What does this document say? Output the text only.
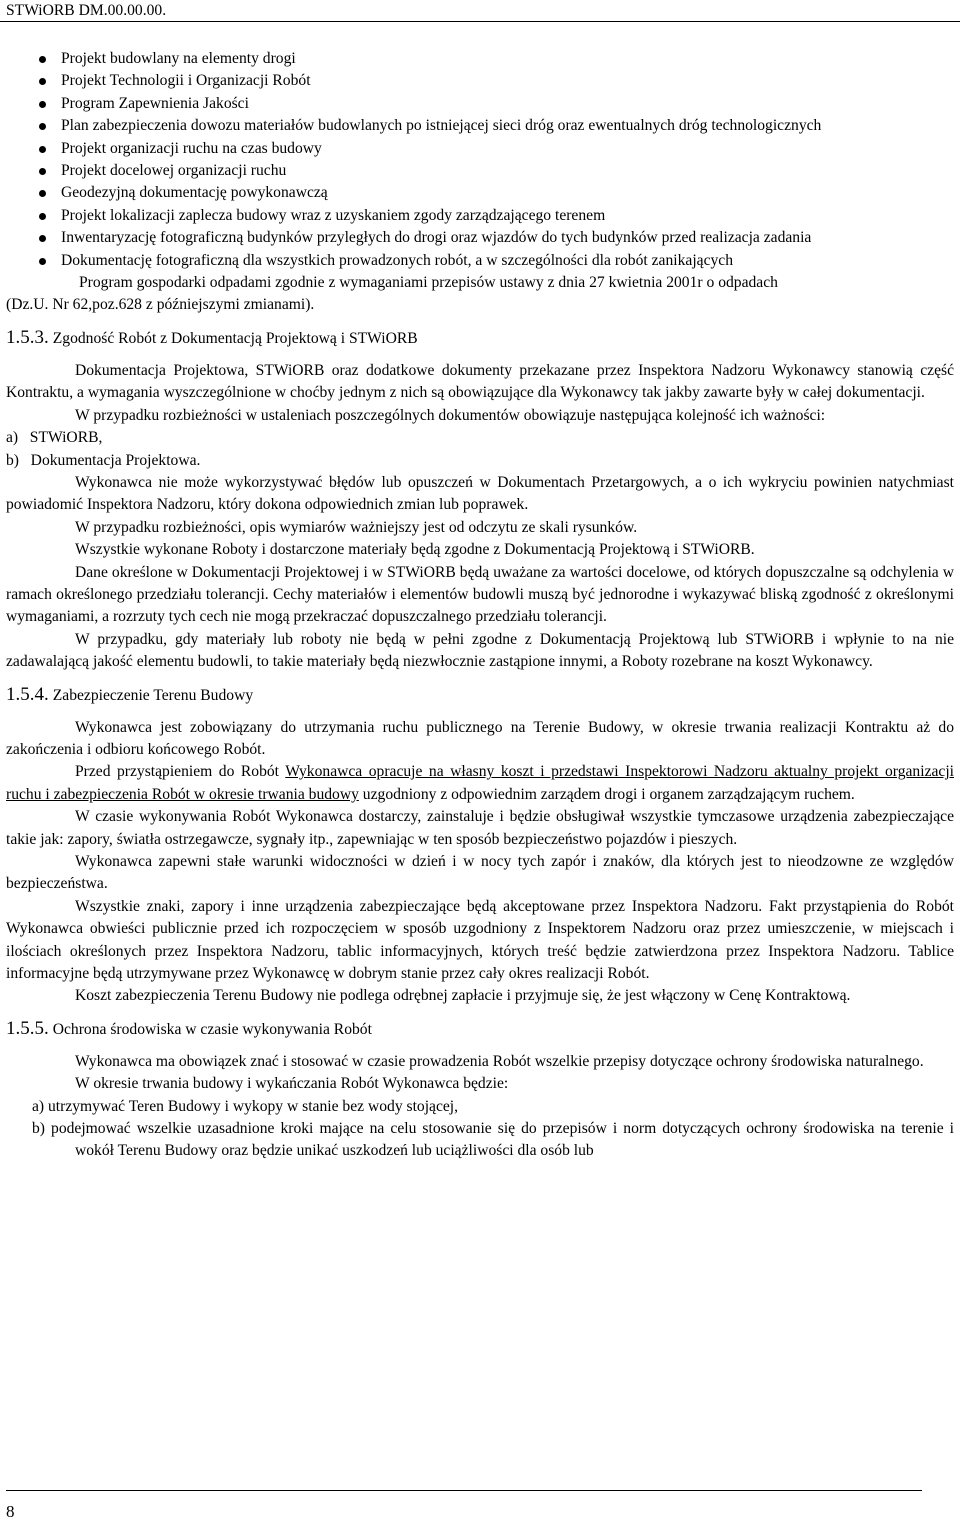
STWiORB DM.00.00.00.
Projekt budowlany na elementy drogi
Projekt Technologii i Organizacji Robót
Program Zapewnienia Jakości
Plan zabezpieczenia dowozu materiałów budowlanych po istniejącej sieci dróg oraz ewentualnych dróg technologicznych
Projekt organizacji ruchu na czas budowy
Projekt docelowej organizacji ruchu
Geodezyjną dokumentację powykonawczą
Projekt lokalizacji zaplecza budowy wraz z uzyskaniem zgody zarządzającego terenem
Inwentaryzację fotograficzną budynków przyległych do drogi oraz wjazdów do tych budynków przed realizacja zadania
Dokumentację fotograficzną dla wszystkich prowadzonych robót, a w szczególności dla robót zanikających

Program gospodarki odpadami zgodnie z wymaganiami przepisów ustawy z dnia 27 kwietnia 2001r o odpadach

(Dz.U. Nr 62,poz.628 z późniejszymi zmianami).

1.5.3. Zgodność Robót z Dokumentacją Projektową i STWiORB

Dokumentacja Projektowa, STWiORB oraz dodatkowe dokumenty przekazane przez Inspektora Nadzoru Wykonawcy stanowią część Kontraktu, a wymagania wyszczególnione w choćby jednym z nich są obowiązujące dla Wykonawcy tak jakby zawarte były w całej dokumentacji.

W przypadku rozbieżności w ustaleniach poszczególnych dokumentów obowiązuje następująca kolejność ich ważności:

a)   STWiORB,

b)   Dokumentacja Projektowa.

Wykonawca nie może wykorzystywać błędów lub opuszczeń w Dokumentach Przetargowych, a o ich wykryciu powinien natychmiast powiadomić Inspektora Nadzoru, który dokona odpowiednich zmian lub poprawek.

W przypadku rozbieżności, opis wymiarów ważniejszy jest od odczytu ze skali rysunków.

Wszystkie wykonane Roboty i dostarczone materiały będą zgodne z Dokumentacją Projektową i STWiORB.

Dane określone w Dokumentacji Projektowej i w STWiORB będą uważane za wartości docelowe, od których dopuszczalne są odchylenia w ramach określonego przedziału tolerancji. Cechy materiałów i elementów budowli muszą być jednorodne i wykazywać bliską zgodność z określonymi wymaganiami, a rozrzuty tych cech nie mogą przekraczać dopuszczalnego przedziału tolerancji.

W przypadku, gdy materiały lub roboty nie będą w pełni zgodne z Dokumentacją Projektową lub STWiORB i wpłynie to na nie zadawalającą jakość elementu budowli, to takie materiały będą niezwłocznie zastąpione innymi, a Roboty rozebrane na koszt Wykonawcy.

1.5.4. Zabezpieczenie Terenu Budowy

Wykonawca jest zobowiązany do utrzymania ruchu publicznego na Terenie Budowy, w okresie trwania realizacji Kontraktu aż do zakończenia i odbioru końcowego Robót.

Przed przystąpieniem do Robót Wykonawca opracuje na własny koszt i przedstawi Inspektorowi Nadzoru aktualny projekt organizacji ruchu i zabezpieczenia Robót w okresie trwania budowy uzgodniony z odpowiednim zarządem drogi i organem zarządzającym ruchem.

W czasie wykonywania Robót Wykonawca dostarczy, zainstaluje i będzie obsługiwał wszystkie tymczasowe urządzenia zabezpieczające takie jak: zapory, światła ostrzegawcze, sygnały itp., zapewniając w ten sposób bezpieczeństwo pojazdów i pieszych.

Wykonawca zapewni stałe warunki widoczności w dzień i w nocy tych zapór i znaków, dla których jest to nieodzowne ze względów bezpieczeństwa.

Wszystkie znaki, zapory i inne urządzenia zabezpieczające będą akceptowane przez Inspektora Nadzoru. Fakt przystąpienia do Robót Wykonawca obwieści publicznie przed ich rozpoczęciem w sposób uzgodniony z Inspektorem Nadzoru oraz przez umieszczenie, w miejscach i ilościach określonych przez Inspektora Nadzoru, tablic informacyjnych, których treść będzie zatwierdzona przez Inspektora Nadzoru. Tablice informacyjne będą utrzymywane przez Wykonawcę w dobrym stanie przez cały okres realizacji Robót.

Koszt zabezpieczenia Terenu Budowy nie podlega odrębnej zapłacie i przyjmuje się, że jest włączony w Cenę Kontraktową.

1.5.5. Ochrona środowiska w czasie wykonywania Robót

Wykonawca ma obowiązek znać i stosować w czasie prowadzenia Robót wszelkie przepisy dotyczące ochrony środowiska naturalnego.

W okresie trwania budowy i wykańczania Robót Wykonawca będzie:

a) utrzymywać Teren Budowy i wykopy w stanie bez wody stojącej,

b) podejmować wszelkie uzasadnione kroki mające na celu stosowanie się do przepisów i norm dotyczących ochrony środowiska na terenie i wokół Terenu Budowy oraz będzie unikać uszkodzeń lub uciążliwości dla osób lub

8
